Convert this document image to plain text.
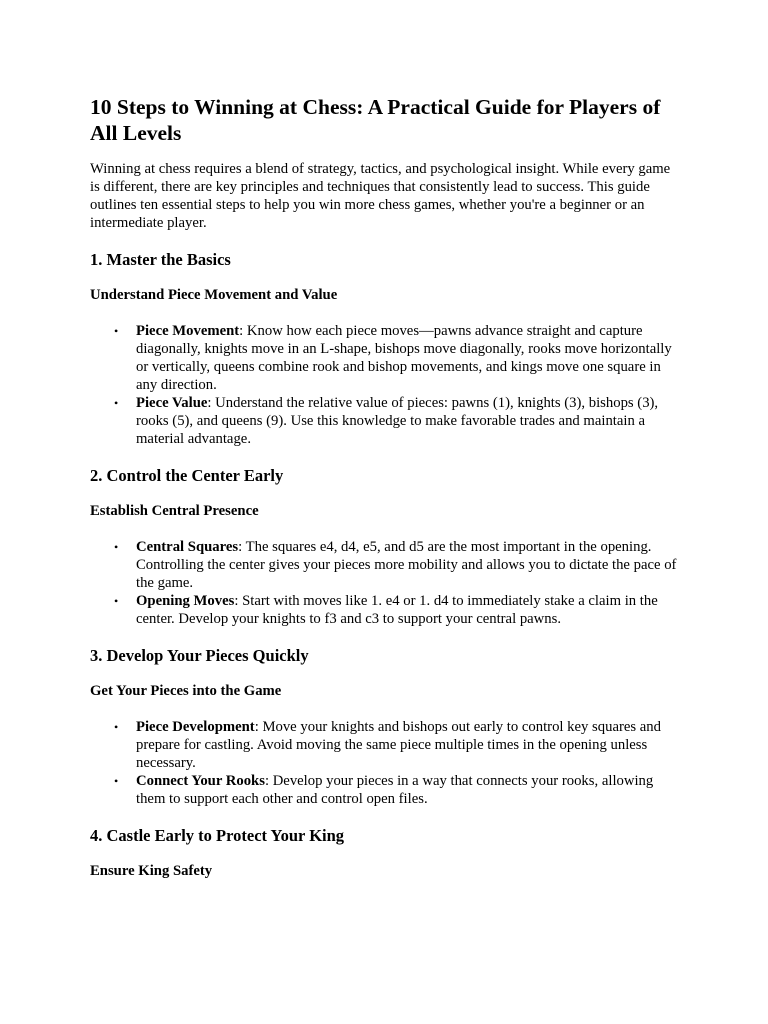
10 Steps to Winning at Chess: A Practical Guide for Players of All Levels

Winning at chess requires a blend of strategy, tactics, and psychological insight. While every game is different, there are key principles and techniques that consistently lead to success. This guide outlines ten essential steps to help you win more chess games, whether you're a beginner or an intermediate player.

1. Master the Basics
Understand Piece Movement and Value
• Piece Movement: Know how each piece moves—pawns advance straight and capture diagonally, knights move in an L-shape, bishops move diagonally, rooks move horizontally or vertically, queens combine rook and bishop movements, and kings move one square in any direction.
• Piece Value: Understand the relative value of pieces: pawns (1), knights (3), bishops (3), rooks (5), and queens (9). Use this knowledge to make favorable trades and maintain a material advantage.
2. Control the Center Early
Establish Central Presence
• Central Squares: The squares e4, d4, e5, and d5 are the most important in the opening. Controlling the center gives your pieces more mobility and allows you to dictate the pace of the game.
• Opening Moves: Start with moves like 1. e4 or 1. d4 to immediately stake a claim in the center. Develop your knights to f3 and c3 to support your central pawns.
3. Develop Your Pieces Quickly
Get Your Pieces into the Game
• Piece Development: Move your knights and bishops out early to control key squares and prepare for castling. Avoid moving the same piece multiple times in the opening unless necessary.
• Connect Your Rooks: Develop your pieces in a way that connects your rooks, allowing them to support each other and control open files.
4. Castle Early to Protect Your King
Ensure King Safety
